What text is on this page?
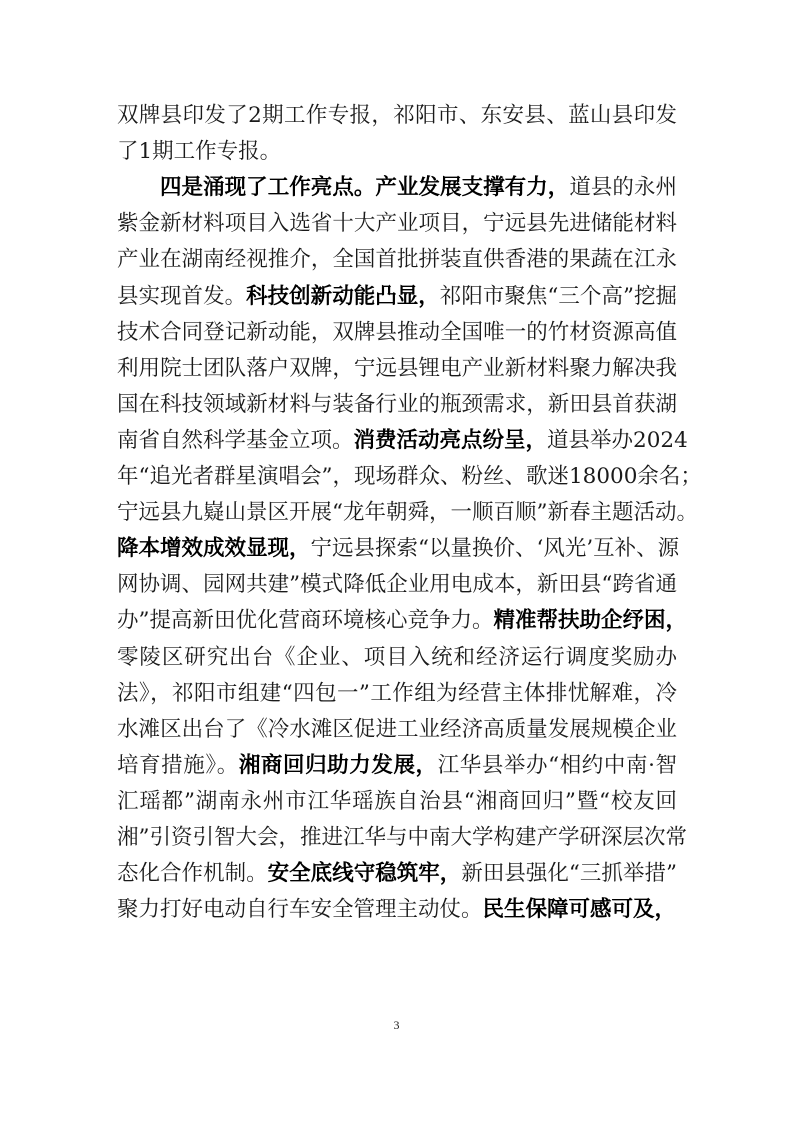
双牌县印发了2期工作专报，祁阳市、东安县、蓝山县印发
了1期工作专报。
四是涌现了工作亮点。产业发展支撑有力，道县的永州
紫金新材料项目入选省十大产业项目，宁远县先进储能材料
产业在湖南经视推介，全国首批拼装直供香港的果蔬在江永
县实现首发。科技创新动能凸显，祁阳市聚焦“三个高”挖掘
技术合同登记新动能，双牌县推动全国唯一的竹材资源高值
利用院士团队落户双牌，宁远县锂电产业新材料聚力解决我
国在科技领域新材料与装备行业的瓶颈需求，新田县首获湖
南省自然科学基金立项。消费活动亮点纷呈，道县举办2024
年“追光者群星演唱会”，现场群众、粉丝、歌迷18000余名；
宁远县九嶷山景区开展“龙年朝舜，一顺百顺”新春主题活动。
降本增效成效显现，宁远县探索“以量换价、‘风光’互补、源
网协调、园网共建”模式降低企业用电成本，新田县“跨省通
办”提高新田优化营商环境核心竞争力。精准帮扶助企纾困，
零陵区研究出台《企业、项目入统和经济运行调度奖励办
法》，祁阳市组建“四包一”工作组为经营主体排忧解难，冷
水滩区出台了《冷水滩区促进工业经济高质量发展规模企业
培育措施》。湘商回归助力发展，江华县举办“相约中南·智
汇瑶都”湖南永州市江华瑶族自治县“湘商回归”暨“校友回
湘”引资引智大会，推进江华与中南大学构建产学研深层次常
态化合作机制。安全底线守稳筑牢，新田县强化“三抓举措”
聚力打好电动自行车安全管理主动仗。民生保障可感可及，
3
